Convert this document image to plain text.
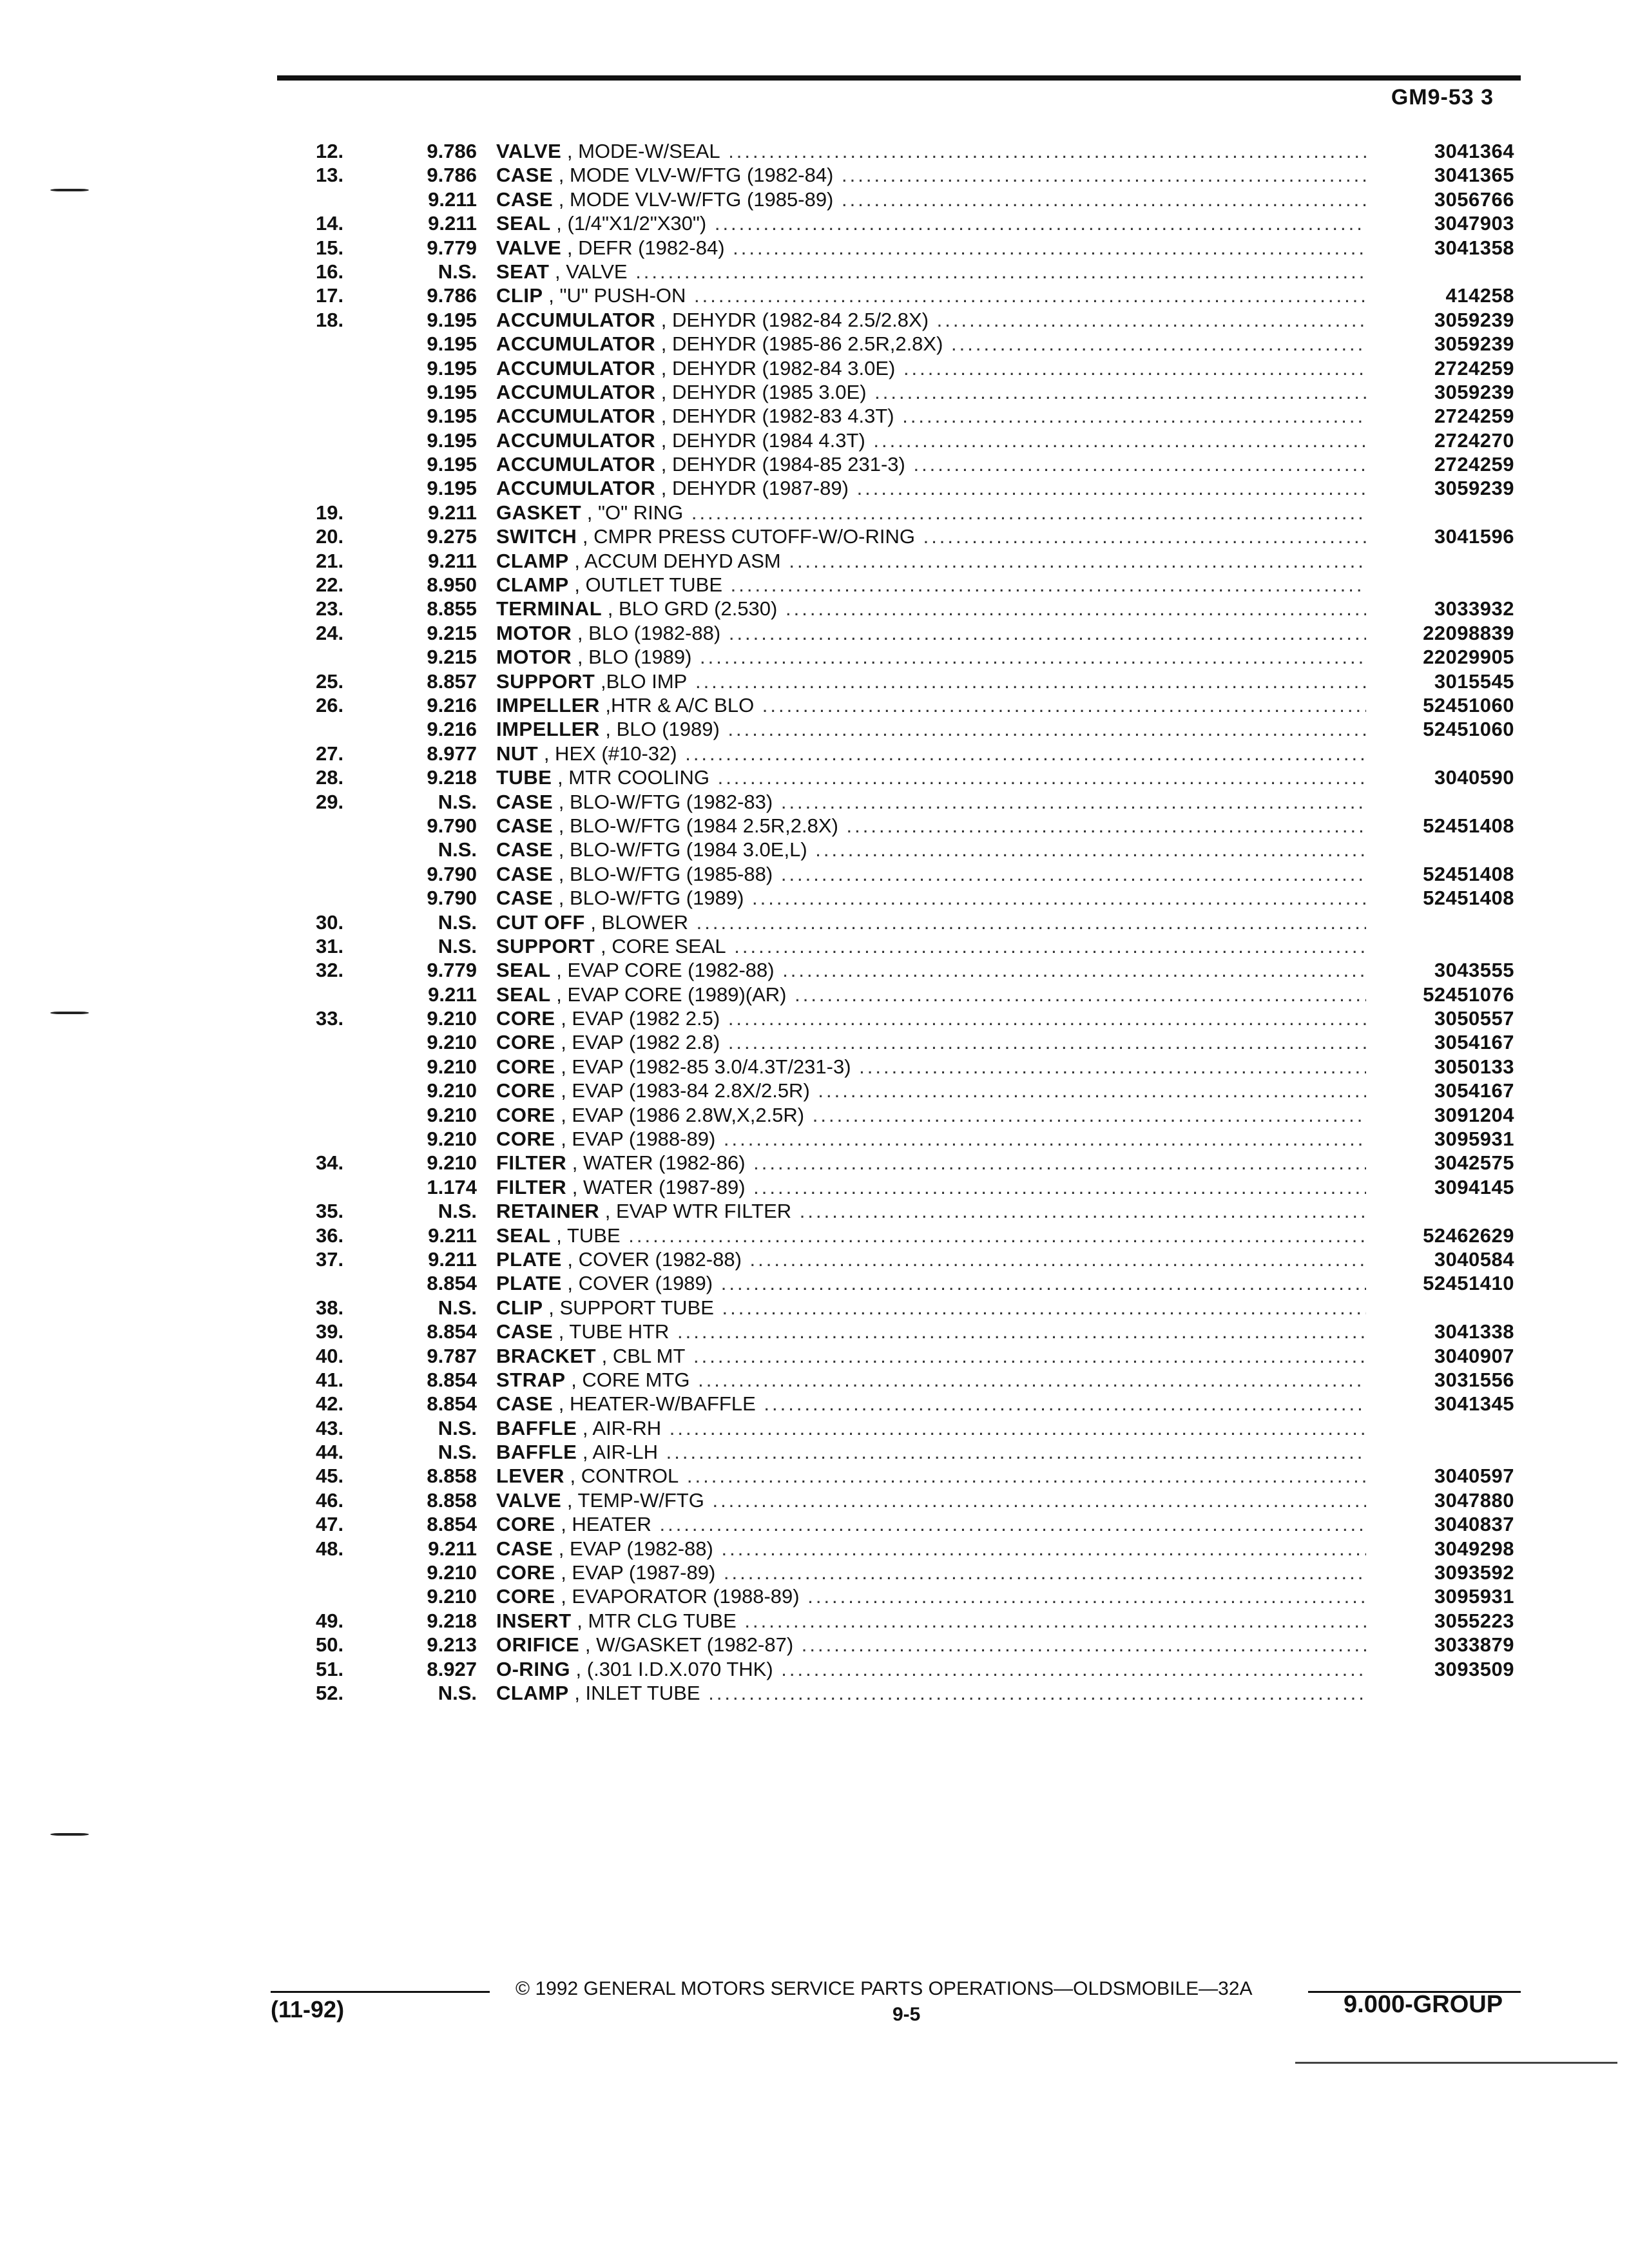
GM9-53 3
12.	9.786 VALVE , MODE-W/SEAL .....	3041364
13.	9.786 CASE , MODE VLV-W/FTG (1982-84) .....	3041365
9.211 CASE , MODE VLV-W/FTG (1985-89) .....	3056766
14.	9.211 SEAL , (1/4"X1/2"X30") .....	3047903
15.	9.779 VALVE , DEFR (1982-84) .....	3041358
16.	N.S. SEAT , VALVE .....
17.	9.786 CLIP , "U" PUSH-ON .....	414258
18.	9.195 ACCUMULATOR , DEHYDR (1982-84 2.5/2.8X) .....	3059239
9.195 ACCUMULATOR , DEHYDR (1985-86 2.5R,2.8X) .....	3059239
9.195 ACCUMULATOR , DEHYDR (1982-84 3.0E) .....	2724259
9.195 ACCUMULATOR , DEHYDR (1985 3.0E) .....	3059239
9.195 ACCUMULATOR , DEHYDR (1982-83 4.3T) .....	2724259
9.195 ACCUMULATOR , DEHYDR (1984 4.3T) .....	2724270
9.195 ACCUMULATOR , DEHYDR (1984-85 231-3) .....	2724259
9.195 ACCUMULATOR , DEHYDR (1987-89) .....	3059239
19.	9.211 GASKET , "O" RING .....
20.	9.275 SWITCH , CMPR PRESS CUTOFF-W/O-RING .....	3041596
21.	9.211 CLAMP , ACCUM DEHYD ASM .....
22.	8.950 CLAMP , OUTLET TUBE .....
23.	8.855 TERMINAL , BLO GRD (2.530) .....	3033932
24.	9.215 MOTOR , BLO (1982-88) .....	22098839
9.215 MOTOR , BLO (1989) .....	22029905
25.	8.857 SUPPORT ,BLO IMP .....	3015545
26.	9.216 IMPELLER ,HTR & A/C BLO .....	52451060
9.216 IMPELLER , BLO (1989) .....	52451060
27.	8.977 NUT , HEX (#10-32) .....
28.	9.218 TUBE , MTR COOLING .....	3040590
29.	N.S. CASE , BLO-W/FTG (1982-83) .....
9.790 CASE , BLO-W/FTG (1984 2.5R,2.8X) .....	52451408
N.S. CASE , BLO-W/FTG (1984 3.0E,L) .....
9.790 CASE , BLO-W/FTG (1985-88) .....	52451408
9.790 CASE , BLO-W/FTG (1989) .....	52451408
30.	N.S. CUT OFF , BLOWER .....
31.	N.S. SUPPORT , CORE SEAL .....
32.	9.779 SEAL , EVAP CORE (1982-88) .....	3043555
9.211 SEAL , EVAP CORE (1989)(AR) .....	52451076
33.	9.210 CORE , EVAP (1982 2.5) .....	3050557
9.210 CORE , EVAP (1982 2.8) .....	3054167
9.210 CORE , EVAP (1982-85 3.0/4.3T/231-3) .....	3050133
9.210 CORE , EVAP (1983-84 2.8X/2.5R) .....	3054167
9.210 CORE , EVAP (1986 2.8W,X,2.5R) .....	3091204
9.210 CORE , EVAP (1988-89) .....	3095931
34.	9.210 FILTER , WATER (1982-86) .....	3042575
1.174 FILTER , WATER (1987-89) .....	3094145
35.	N.S. RETAINER , EVAP WTR FILTER .....
36.	9.211 SEAL , TUBE .....	52462629
37.	9.211 PLATE , COVER (1982-88) .....	3040584
8.854 PLATE , COVER (1989) .....	52451410
38.	N.S. CLIP , SUPPORT TUBE .....
39.	8.854 CASE , TUBE HTR .....	3041338
40.	9.787 BRACKET , CBL MT .....	3040907
41.	8.854 STRAP , CORE MTG .....	3031556
42.	8.854 CASE , HEATER-W/BAFFLE .....	3041345
43.	N.S. BAFFLE , AIR-RH .....
44.	N.S. BAFFLE , AIR-LH .....
45.	8.858 LEVER , CONTROL .....	3040597
46.	8.858 VALVE , TEMP-W/FTG .....	3047880
47.	8.854 CORE , HEATER .....	3040837
48.	9.211 CASE , EVAP (1982-88) .....	3049298
9.210 CORE , EVAP (1987-89) .....	3093592
9.210 CORE , EVAPORATOR (1988-89) .....	3095931
49.	9.218 INSERT , MTR CLG TUBE .....	3055223
50.	9.213 ORIFICE , W/GASKET (1982-87) .....	3033879
51.	8.927 O-RING , (.301 I.D.X.070 THK) .....	3093509
52.	N.S. CLAMP , INLET TUBE .....
(11-92)
© 1992 GENERAL MOTORS SERVICE PARTS OPERATIONS—OLDSMOBILE—32A
9-5	9.000-GROUP
